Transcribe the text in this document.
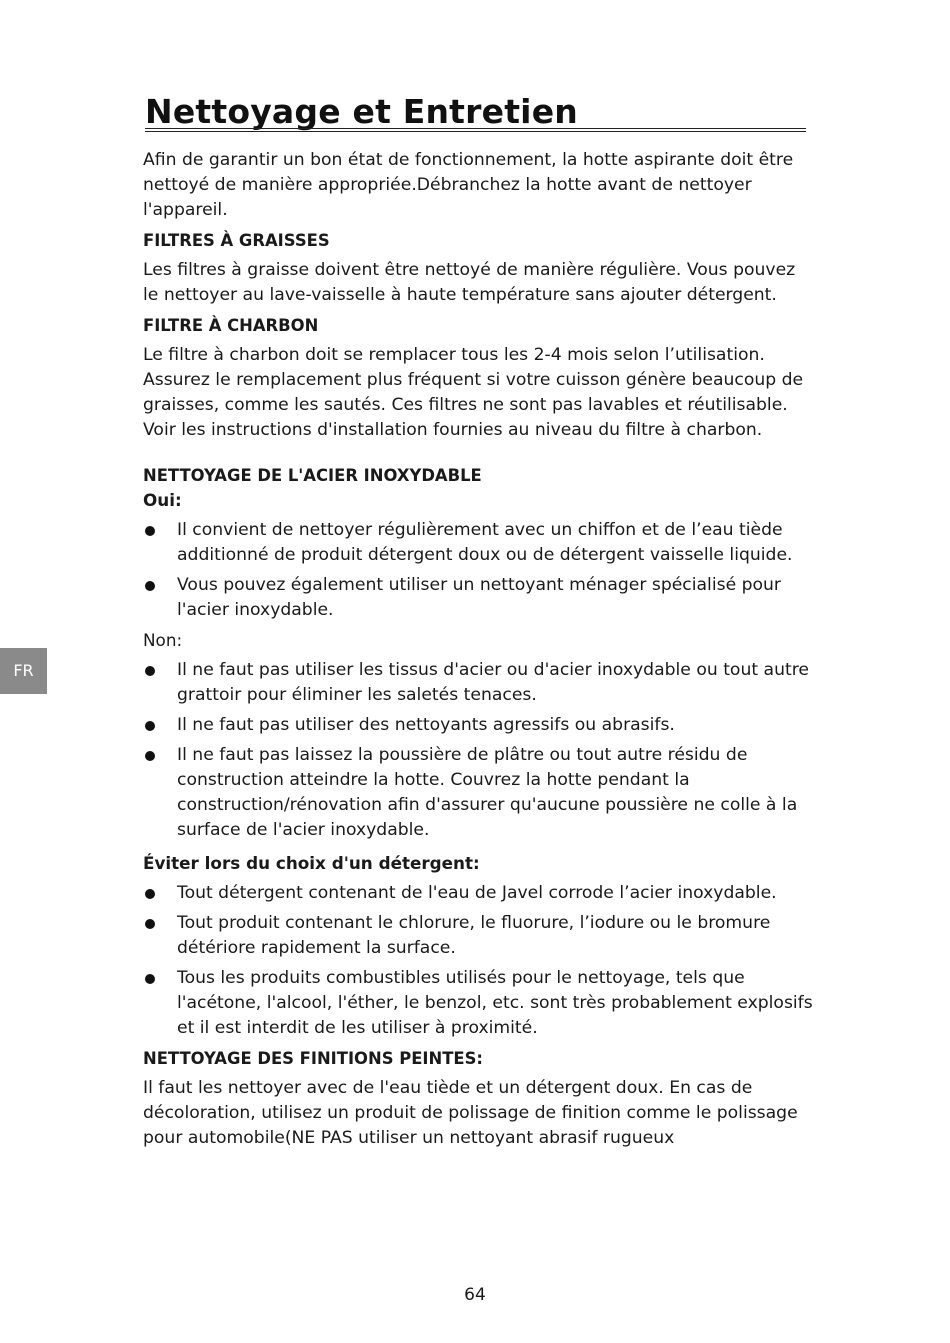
Nettoyage et Entretien
FR

Afin de garantir un bon état de fonctionnement, la hotte aspirante doit être nettoyé de manière appropriée.Débranchez la hotte avant de nettoyer l'appareil.

FILTRES À GRAISSES

Les filtres à graisse doivent être nettoyé de manière régulière. Vous pouvez le nettoyer au lave-vaisselle à haute température sans ajouter détergent.

FILTRE À CHARBON

Le filtre à charbon doit se remplacer tous les 2-4 mois selon l’utilisation. Assurez le remplacement plus fréquent si votre cuisson génère beaucoup de graisses, comme les sautés. Ces filtres ne sont pas lavables et réutilisable. Voir les instructions d'installation fournies au niveau du filtre à charbon.

NETTOYAGE DE L'ACIER INOXYDABLE
Oui:
Il convient de nettoyer régulièrement avec un chiffon et de l’eau tiède additionné de produit détergent doux ou de détergent vaisselle liquide.
Vous pouvez également utiliser un nettoyant ménager spécialisé pour l'acier inoxydable.
Non:
Il ne faut pas utiliser les tissus d'acier ou d'acier inoxydable ou tout autre grattoir pour éliminer les saletés tenaces.
Il ne faut pas utiliser des nettoyants agressifs ou abrasifs.
Il ne faut pas laissez la poussière de plâtre ou tout autre résidu de construction atteindre la hotte. Couvrez la hotte pendant la construction/rénovation afin d'assurer qu'aucune poussière ne colle à la surface de l'acier inoxydable.
Éviter lors du choix d'un détergent:
Tout détergent contenant de l'eau de Javel corrode l’acier inoxydable.
Tout produit contenant le chlorure, le fluorure, l’iodure ou le bromure détériore rapidement la surface.
Tous les produits combustibles utilisés pour le nettoyage, tels que l'acétone, l'alcool, l'éther, le benzol, etc. sont très probablement explosifs et il est interdit de les utiliser à proximité.
NETTOYAGE DES FINITIONS PEINTES:

Il faut les nettoyer avec de l'eau tiède et un détergent doux. En cas de décoloration, utilisez un produit de polissage de finition comme le polissage pour automobile(NE PAS utiliser un nettoyant abrasif rugueux

64
